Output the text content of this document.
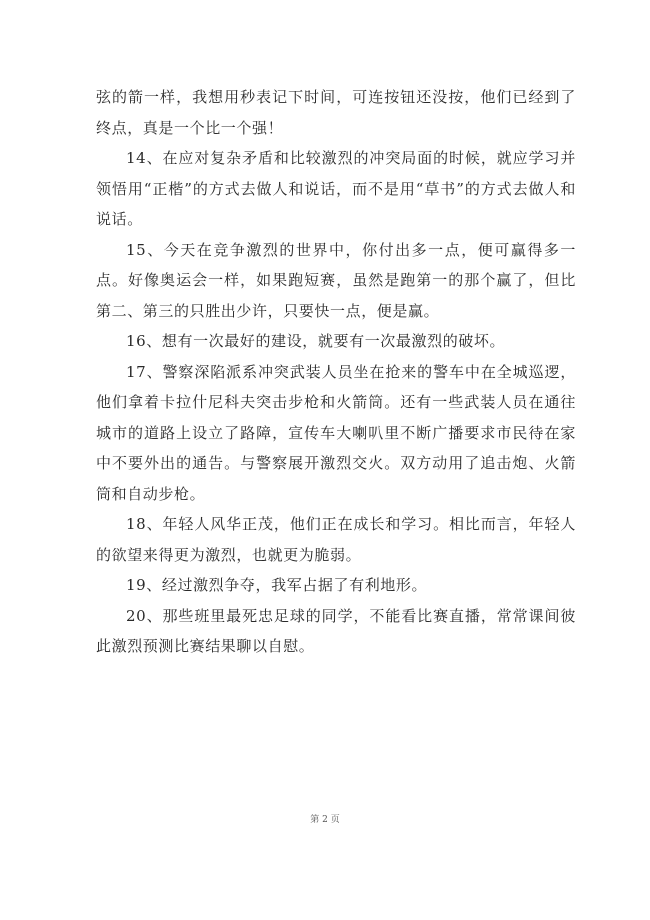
弦的箭一样，我想用秒表记下时间，可连按钮还没按，他们已经到了终点，真是一个比一个强！

14、在应对复杂矛盾和比较激烈的冲突局面的时候，就应学习并领悟用“正楷”的方式去做人和说话，而不是用“草书”的方式去做人和说话。

15、今天在竞争激烈的世界中，你付出多一点，便可赢得多一点。好像奥运会一样，如果跑短赛，虽然是跑第一的那个赢了，但比第二、第三的只胜出少许，只要快一点，便是赢。

16、想有一次最好的建设，就要有一次最激烈的破坏。

17、警察深陷派系冲突武装人员坐在抢来的警车中在全城巡逻，他们拿着卡拉什尼科夫突击步枪和火箭筒。还有一些武装人员在通往城市的道路上设立了路障，宣传车大喇叭里不断广播要求市民待在家中不要外出的通告。与警察展开激烈交火。双方动用了追击炮、火箭筒和自动步枪。

18、年轻人风华正茂，他们正在成长和学习。相比而言，年轻人的欲望来得更为激烈，也就更为脆弱。

19、经过激烈争夺，我军占据了有利地形。

20、那些班里最死忠足球的同学，不能看比赛直播，常常课间彼此激烈预测比赛结果聊以自慰。

第 2 页
